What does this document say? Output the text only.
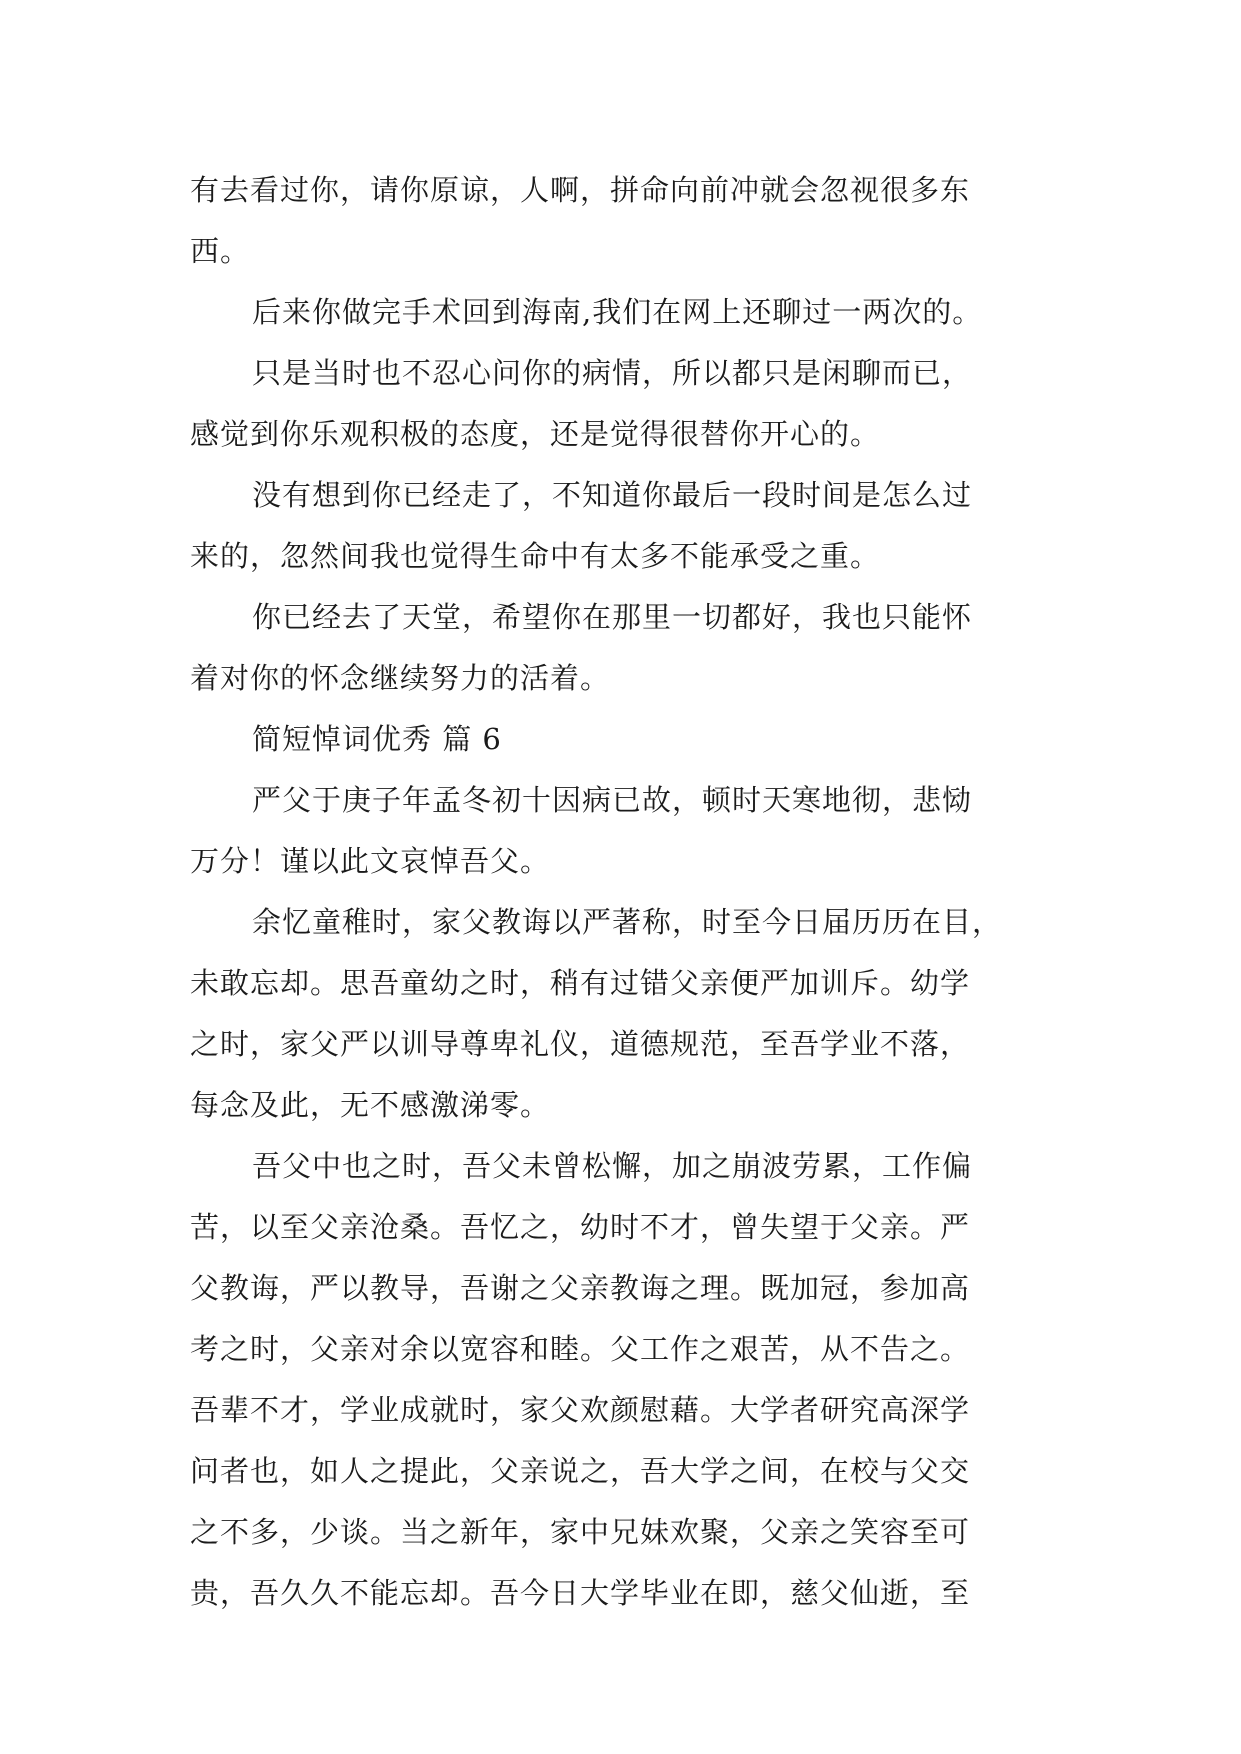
有去看过你，请你原谅，人啊，拼命向前冲就会忽视很多东
西。
后来你做完手术回到海南,我们在网上还聊过一两次的。
只是当时也不忍心问你的病情，所以都只是闲聊而已，
感觉到你乐观积极的态度，还是觉得很替你开心的。
没有想到你已经走了，不知道你最后一段时间是怎么过
来的，忽然间我也觉得生命中有太多不能承受之重。
你已经去了天堂，希望你在那里一切都好，我也只能怀
着对你的怀念继续努力的活着。
简短悼词优秀 篇 6
严父于庚子年孟冬初十因病已故，顿时天寒地彻，悲恸
万分！谨以此文哀悼吾父。
余忆童稚时，家父教诲以严著称，时至今日届历历在目，
未敢忘却。思吾童幼之时，稍有过错父亲便严加训斥。幼学
之时，家父严以训导尊卑礼仪，道德规范，至吾学业不落，
每念及此，无不感激涕零。
吾父中也之时，吾父未曾松懈，加之崩波劳累，工作偏
苦，以至父亲沧桑。吾忆之，幼时不才，曾失望于父亲。严
父教诲，严以教导，吾谢之父亲教诲之理。既加冠，参加高
考之时，父亲对余以宽容和睦。父工作之艰苦，从不告之。
吾辈不才，学业成就时，家父欢颜慰藉。大学者研究高深学
问者也，如人之提此，父亲说之，吾大学之间，在校与父交
之不多，少谈。当之新年，家中兄妹欢聚，父亲之笑容至可
贵，吾久久不能忘却。吾今日大学毕业在即，慈父仙逝，至
